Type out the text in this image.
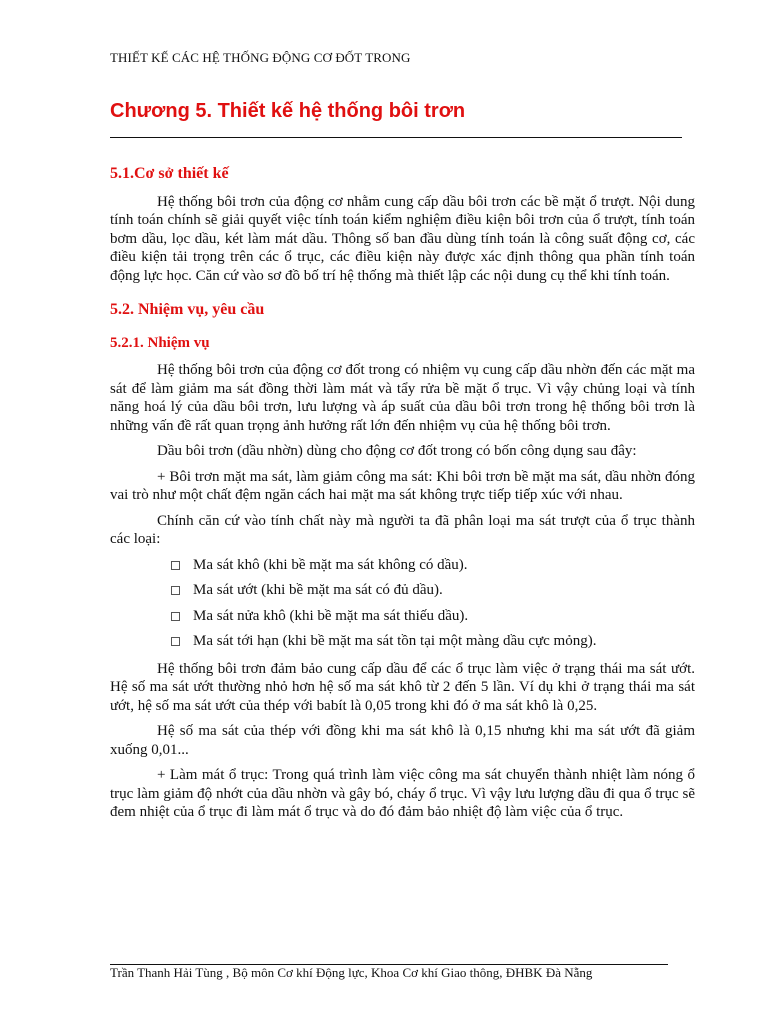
THIẾT KẾ CÁC HỆ THỐNG ĐỘNG CƠ ĐỐT TRONG
Chương 5. Thiết kế hệ thống bôi trơn
5.1.Cơ sở thiết kế

Hệ thống bôi trơn của động cơ nhằm cung cấp dầu bôi trơn các bề mặt ổ trượt. Nội dung tính toán chính sẽ giải quyết việc tính toán kiểm nghiệm điều kiện bôi trơn của ổ trượt, tính toán bơm dầu, lọc dầu, két làm mát dầu. Thông số ban đầu dùng tính toán là công suất động cơ, các điều kiện tải trọng trên các ổ trục, các điều kiện này được xác định thông qua phần tính toán động lực học. Căn cứ vào sơ đồ bố trí hệ thống mà thiết lập các nội dung cụ thể khi tính toán.

5.2. Nhiệm vụ, yêu cầu
5.2.1. Nhiệm vụ

Hệ thống bôi trơn của động cơ đốt trong có nhiệm vụ cung cấp dầu nhờn đến các mặt ma sát để làm giảm ma sát đồng thời làm mát và tẩy rửa bề mặt ổ trục. Vì vậy chủng loại và tính năng hoá lý của dầu bôi trơn, lưu lượng và áp suất của dầu bôi trơn trong hệ thống bôi trơn là những vấn đề rất quan trọng ảnh hưởng rất lớn đến nhiệm vụ của hệ thống bôi trơn.

Dầu bôi trơn (dầu nhờn) dùng cho động cơ đốt trong có bốn công dụng sau đây:

+ Bôi trơn mặt ma sát, làm giảm công ma sát: Khi bôi trơn bề mặt ma sát, dầu nhờn đóng vai trò như một chất đệm ngăn cách hai mặt ma sát không trực tiếp tiếp xúc với nhau.

Chính căn cứ vào tính chất này mà người ta đã phân loại ma sát trượt của ổ trục thành các loại:

Ma sát khô (khi bề mặt ma sát không có dầu).
Ma sát ướt (khi bề mặt ma sát có đủ dầu).
Ma sát nửa khô (khi bề mặt ma sát thiếu dầu).
Ma sát tới hạn (khi bề mặt ma sát tồn tại một màng dầu cực mỏng).

Hệ thống bôi trơn đảm bảo cung cấp dầu để các ổ trục làm việc ở trạng thái ma sát ướt. Hệ số ma sát ướt thường nhỏ hơn hệ số ma sát khô từ 2 đến 5 lần. Ví dụ khi ở trạng thái ma sát ướt, hệ số ma sát ướt của thép với babít là 0,05 trong khi đó ở ma sát khô là 0,25.

Hệ số ma sát của thép với đồng khi ma sát khô là 0,15 nhưng khi ma sát ướt đã giảm xuống 0,01...

+ Làm mát ổ trục: Trong quá trình làm việc công ma sát chuyển thành nhiệt làm nóng ổ trục làm giảm độ nhớt của dầu nhờn và gây bó, cháy ổ trục. Vì vậy lưu lượng dầu đi qua ổ trục sẽ đem nhiệt của ổ trục đi làm mát ổ trục và do đó đảm bảo nhiệt độ làm việc của ổ trục.

Trần Thanh Hải Tùng , Bộ môn Cơ khí Động lực, Khoa Cơ khí Giao thông, ĐHBK Đà Nẵng
